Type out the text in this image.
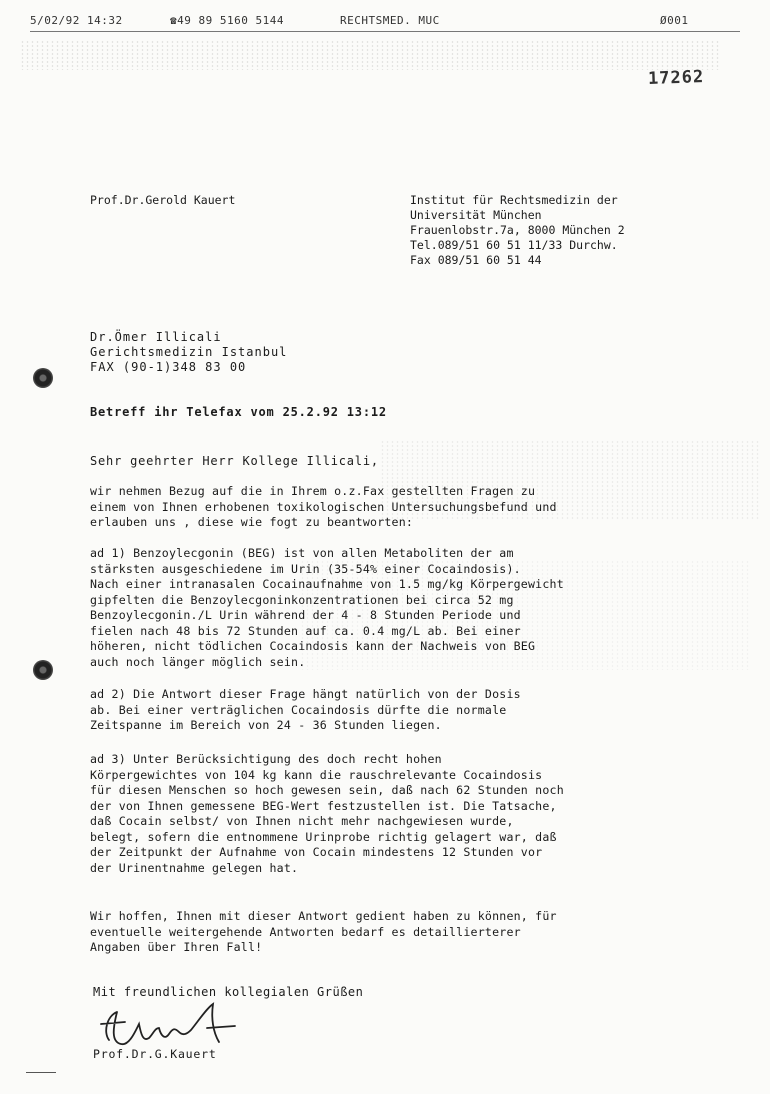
5/02/92 14:32	☎49 89 5160 5144	RECHTSMED. MUC	Ø001
17262
Prof.Dr.Gerold Kauert	Institut für Rechtsmedizin der
Universität München
Frauenlobstr.7a, 8000 München 2
Tel.089/51 60 51 11/33 Durchw.
Fax 089/51 60 51 44
Dr.Ömer Illicali
Gerichtsmedizin Istanbul
FAX (90-1)348 83 00
Betreff ihr Telefax vom 25.2.92 13:12
Sehr geehrter Herr Kollege Illicali,
wir nehmen Bezug auf die in Ihrem o.z.Fax gestellten Fragen zu
einem von Ihnen erhobenen toxikologischen Untersuchungsbefund und
erlauben uns , diese wie fogt zu beantworten:
ad 1) Benzoylecgonin (BEG) ist von allen Metaboliten der am
stärksten ausgeschiedene im Urin (35-54% einer Cocaindosis).
Nach einer intranasalen Cocainaufnahme von 1.5 mg/kg Körpergewicht
gipfelten die Benzoylecgoninkonzentrationen bei circa 52 mg
Benzoylecgonin./L Urin während der 4 - 8 Stunden Periode und
fielen nach 48 bis 72 Stunden auf ca. 0.4 mg/L ab. Bei einer
höheren, nicht tödlichen Cocaindosis kann der Nachweis von BEG
auch noch länger möglich sein.
ad 2) Die Antwort dieser Frage hängt natürlich von der Dosis
ab. Bei einer verträglichen Cocaindosis dürfte die normale
Zeitspanne im Bereich von 24 - 36 Stunden liegen.
ad 3) Unter Berücksichtigung des doch recht hohen
Körpergewichtes von 104 kg kann die rauschrelevante Cocaindosis
für diesen Menschen so hoch gewesen sein, daß nach 62 Stunden noch
der von Ihnen gemessene BEG-Wert festzustellen ist. Die Tatsache,
daß Cocain selbst/ von Ihnen nicht mehr nachgewiesen wurde,
belegt, sofern die entnommene Urinprobe richtig gelagert war, daß
der Zeitpunkt der Aufnahme von Cocain mindestens 12 Stunden vor
der Urinentnahme gelegen hat.
Wir hoffen, Ihnen mit dieser Antwort gedient haben zu können, für
eventuelle weitergehende Antworten bedarf es detaillierterer
Angaben über Ihren Fall!
Mit freundlichen kollegialen Grüßen
Prof.Dr.G.Kauert
